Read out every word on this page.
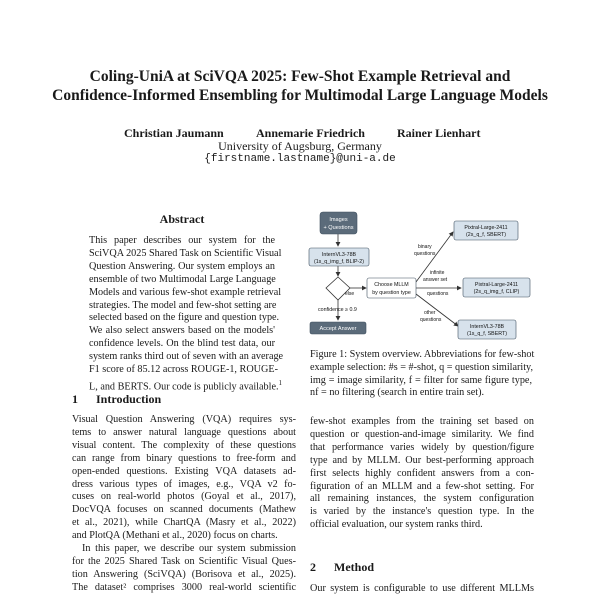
Coling-UniA at SciVQA 2025: Few-Shot Example Retrieval and
Confidence-Informed Ensembling for Multimodal Large Language Models
Christian Jaumann	Annemarie Friedrich	Rainer Lienhart
University of Augsburg, Germany
{firstname.lastname}@uni-a.de
Abstract
This paper describes our system for the
SciVQA 2025 Shared Task on Scientific Visual
Question Answering. Our system employs an
ensemble of two Multimodal Large Language
Models and various few-shot example retrieval
strategies. The model and few-shot setting are
selected based on the figure and question type.
We also select answers based on the models'
confidence levels. On the blind test data, our
system ranks third out of seven with an average
F1 score of 85.12 across ROUGE-1, ROUGE-
L, and BERTS. Our code is publicly available.$^1$
1 Introduction
Visual Question Answering (VQA) requires sys-
tems to answer natural language questions about
visual content. The complexity of these questions
can range from binary questions to free-form and
open-ended questions. Existing VQA datasets ad-
dress various types of images, e.g., VQA v2 fo-
cuses on real-world photos (Goyal et al., 2017),
DocVQA focuses on scanned documents (Mathew
et al., 2021), while ChartQA (Masry et al., 2022)
and PlotQA (Methani et al., 2020) focus on charts.
In this paper, we describe our system submission
for the 2025 Shared Task on Scientific Visual Ques-
tion Answering (SciVQA) (Borisova et al., 2025).
The dataset² comprises 3000 real-world scientific
Images
+ Questions
InternVL3-78B
(1s_q_img_f, BLIP-2)
else
confidence ≥ 0.9
Accept Answer
Choose MLLM
by question type
binary
questions
infinite
answer set
questions
other
questions
Pixtral-Large-2411
(2s_q_f, SBERT)
Pixtral-Large-2411
(2s_q_img_f, CLIP)
InternVL3-78B
(1s_q_f, SBERT)
Figure 1: System overview. Abbreviations for few-shot
example selection: #s = #-shot, q = question similarity,
img = image similarity, f = filter for same figure type,
nf = no filtering (search in entire train set).
few-shot examples from the training set based on
question or question-and-image similarity. We find
that performance varies widely by question/figure
type and by MLLM. Our best-performing approach
first selects highly confident answers from a con-
figuration of an MLLM and a few-shot setting. For
all remaining instances, the system configuration
is varied by the instance's question type. In the
official evaluation, our system ranks third.
2 Method
Our system is configurable to use different MLLMs
